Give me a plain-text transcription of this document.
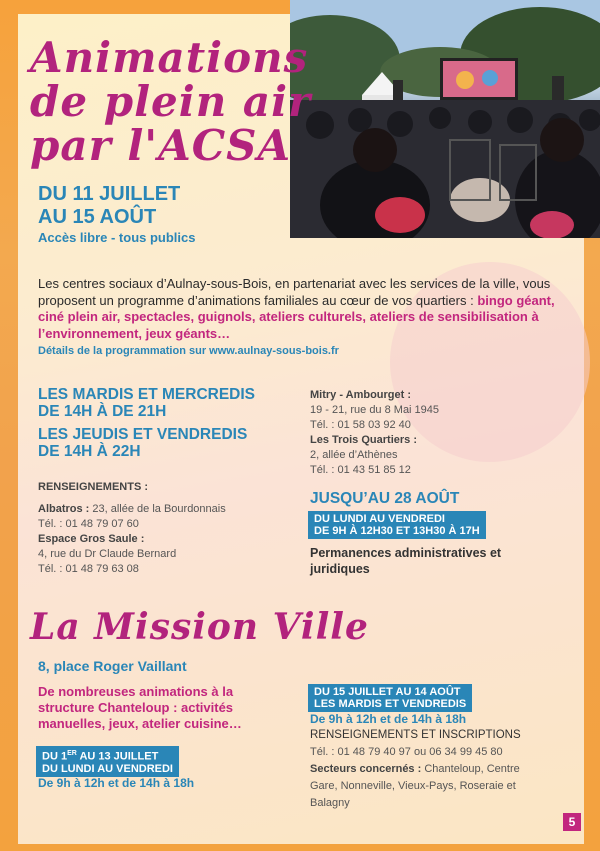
Animations
de plein air
par l'ACSA
DU 11 JUILLET
AU 15 AOÛT
Accès libre - tous publics
Les centres sociaux d’Aulnay-sous-Bois, en partenariat avec les services de la ville, vous proposent un programme d’animations familiales au cœur de vos quartiers : bingo géant, ciné plein air, spectacles, guignols, ateliers culturels, ateliers de sensibilisation à l’environnement, jeux géants…
Détails de la programmation sur www.aulnay-sous-bois.fr
LES MARDIS ET MERCREDIS
DE 14H À DE 21H
LES JEUDIS ET VENDREDIS
DE 14H À 22H
RENSEIGNEMENTS :

Albatros : 23, allée de la Bourdonnais
Tél. : 01 48 79 07 60
Espace Gros Saule :
4, rue du Dr Claude Bernard
Tél. : 01 48 79 63 08
Mitry - Ambourget :
19 - 21, rue du 8 Mai 1945
Tél. : 01 58 03 92 40
Les Trois Quartiers :
2, allée d’Athènes
Tél. : 01 43 51 85 12
JUSQU’AU 28 AOÛT
DU LUNDI AU VENDREDI
DE 9H À 12H30 ET 13H30 À 17H
Permanences administratives et juridiques
La Mission Ville
8, place Roger Vaillant
De nombreuses animations à la structure Chanteloup : activités manuelles, jeux, atelier cuisine…
DU 1ER AU 13 JUILLET
DU LUNDI AU VENDREDI
De 9h à 12h et de 14h à 18h
DU 15 JUILLET AU 14 AOÛT
LES MARDIS ET VENDREDIS
De 9h à 12h et de 14h à 18h
RENSEIGNEMENTS ET INSCRIPTIONS
Tél. : 01 48 79 40 97 ou 06 34 99 45 80
Secteurs concernés : Chanteloup, Centre Gare, Nonneville, Vieux-Pays, Roseraie et Balagny
5
